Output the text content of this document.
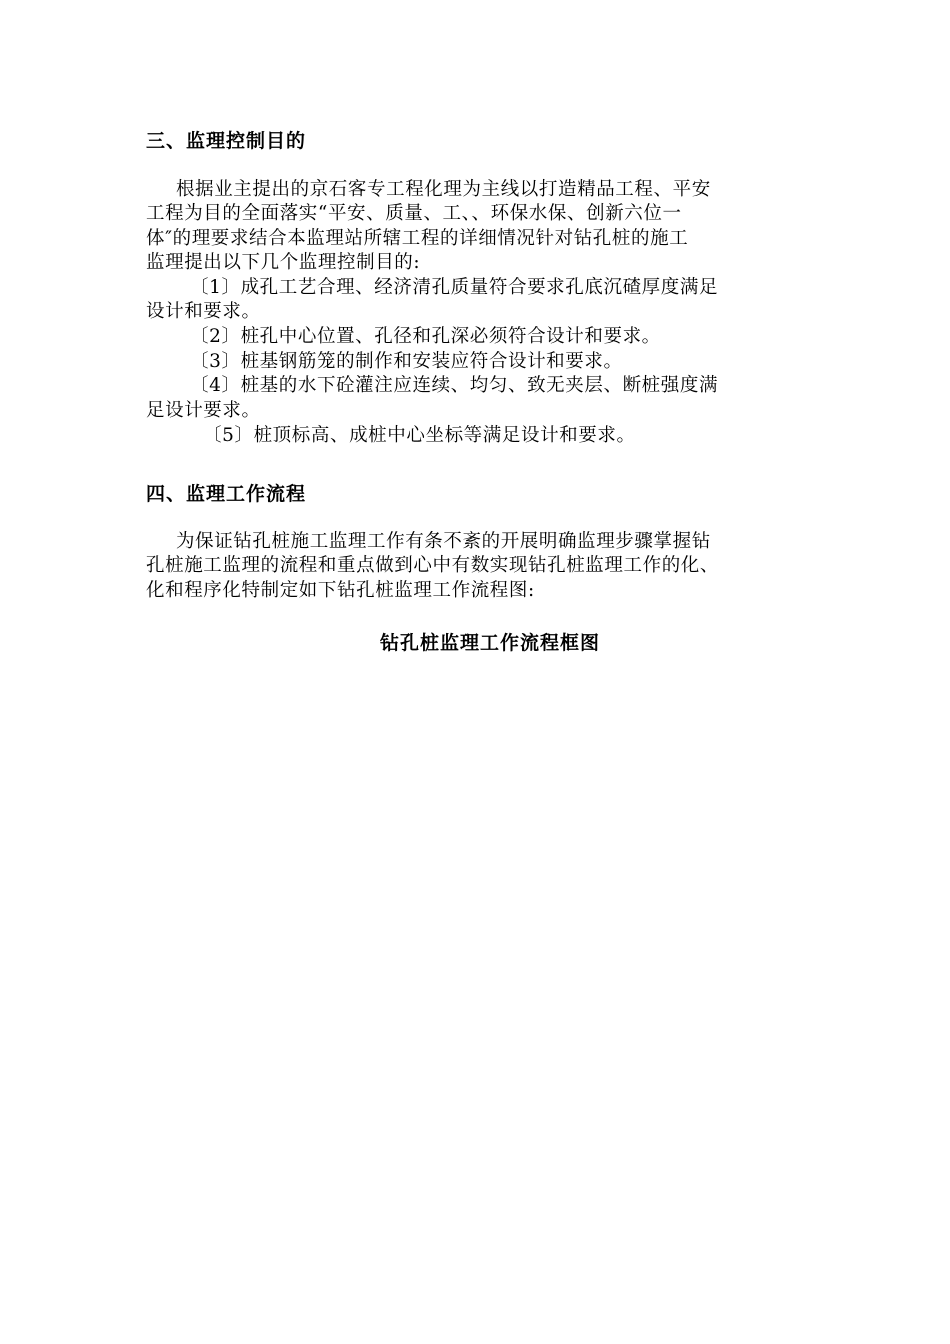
三、监理控制目的
根据业主提出的京石客专工程化理为主线以打造精品工程、平安
工程为目的全面落实“平安、质量、工、、环保水保、创新六位一
体″的理要求结合本监理站所辖工程的详细情况针对钻孔桩的施工
监理提出以下几个监理控制目的:
〔1〕成孔工艺合理、经济清孔质量符合要求孔底沉碴厚度满足
设计和要求。
〔2〕桩孔中心位置、孔径和孔深必须符合设计和要求。
〔3〕桩基钢筋笼的制作和安装应符合设计和要求。
〔4〕桩基的水下砼灌注应连续、均匀、致无夹层、断桩强度满
足设计要求。
〔5〕桩顶标高、成桩中心坐标等满足设计和要求。
四、监理工作流程
为保证钻孔桩施工监理工作有条不紊的开展明确监理步骤掌握钻
孔桩施工监理的流程和重点做到心中有数实现钻孔桩监理工作的化、
化和程序化特制定如下钻孔桩监理工作流程图:
钻孔桩监理工作流程框图
